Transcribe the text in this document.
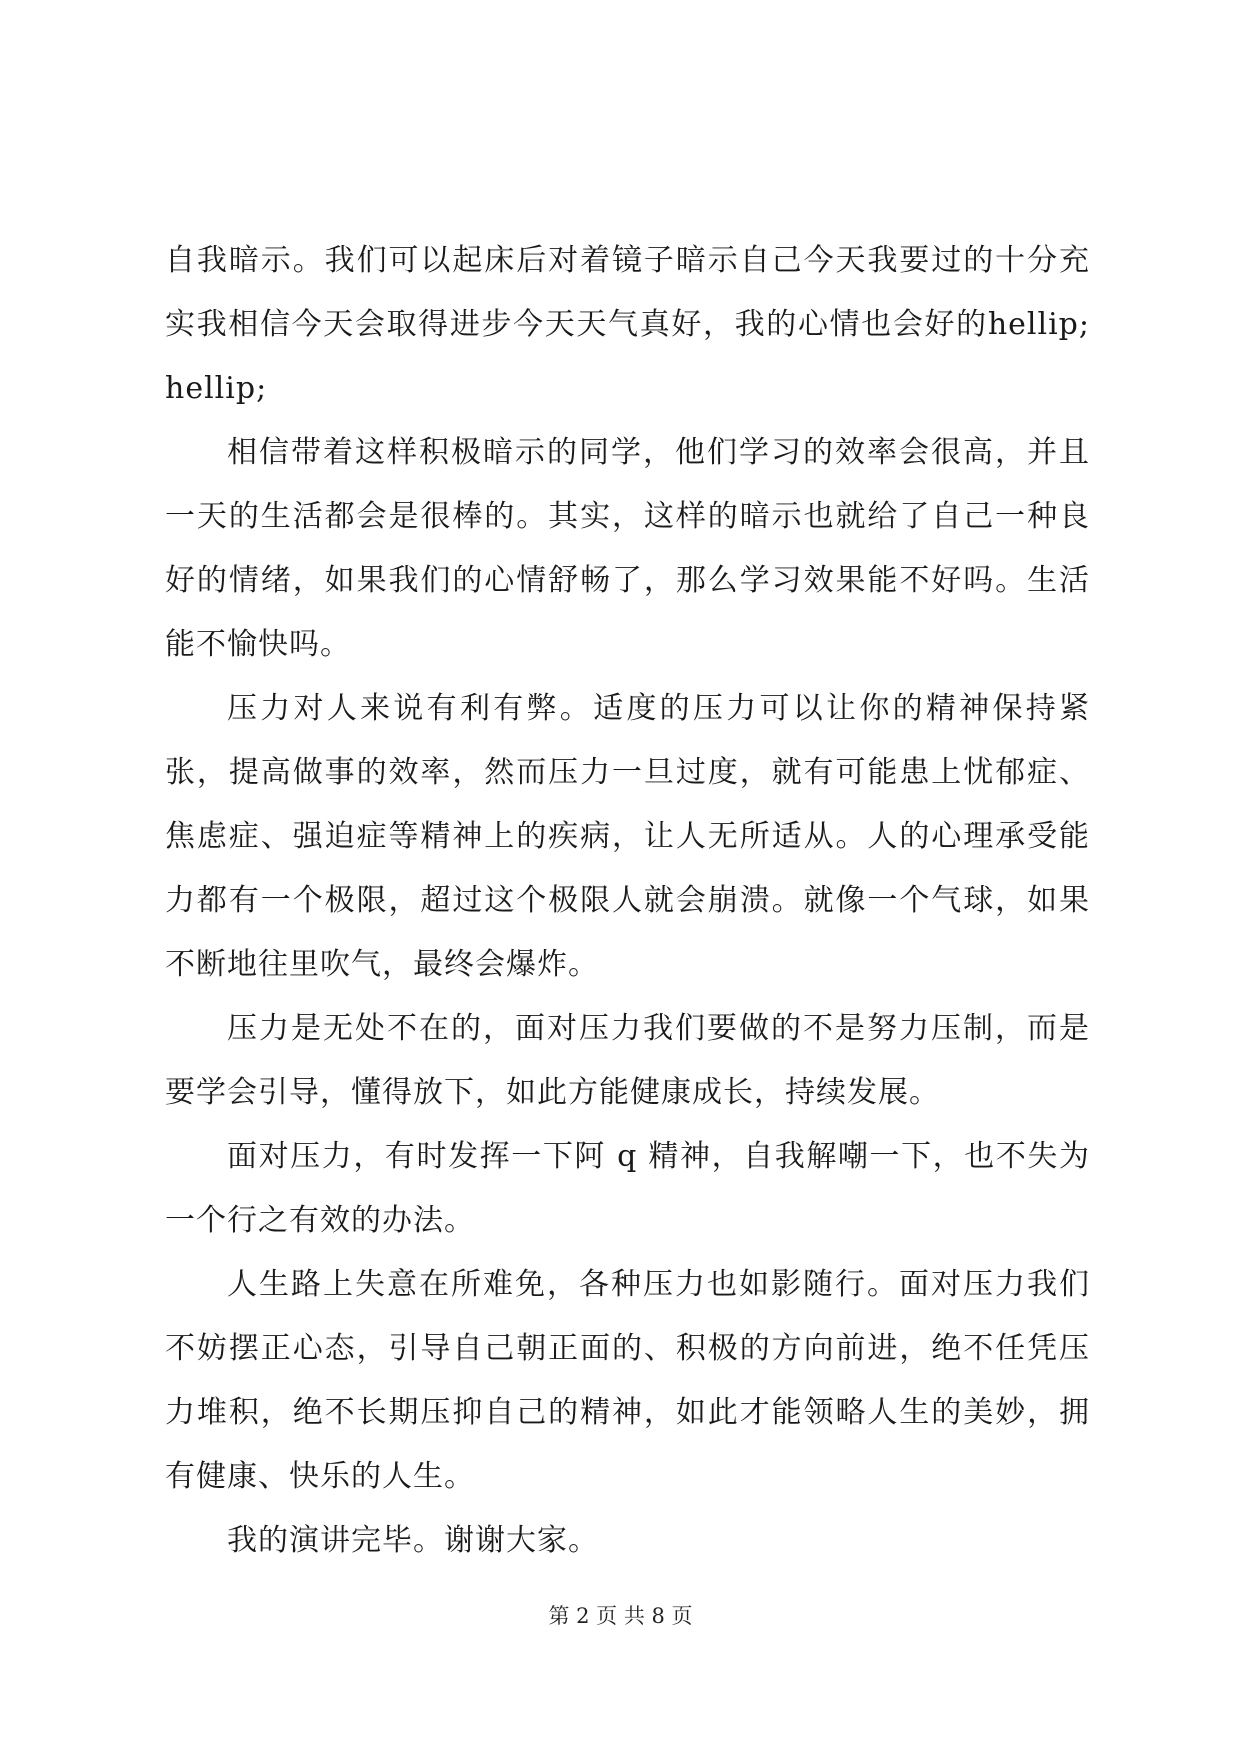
自我暗示。我们可以起床后对着镜子暗示自己今天我要过的十分充实我相信今天会取得进步今天天气真好，我的心情也会好的hellip;hellip;

相信带着这样积极暗示的同学，他们学习的效率会很高，并且一天的生活都会是很棒的。其实，这样的暗示也就给了自己一种良好的情绪，如果我们的心情舒畅了，那么学习效果能不好吗。生活能不愉快吗。

压力对人来说有利有弊。适度的压力可以让你的精神保持紧张，提高做事的效率，然而压力一旦过度，就有可能患上忧郁症、焦虑症、强迫症等精神上的疾病，让人无所适从。人的心理承受能力都有一个极限，超过这个极限人就会崩溃。就像一个气球，如果不断地往里吹气，最终会爆炸。

压力是无处不在的，面对压力我们要做的不是努力压制，而是要学会引导，懂得放下，如此方能健康成长，持续发展。

面对压力，有时发挥一下阿 q 精神，自我解嘲一下，也不失为一个行之有效的办法。

人生路上失意在所难免，各种压力也如影随行。面对压力我们不妨摆正心态，引导自己朝正面的、积极的方向前进，绝不任凭压力堆积，绝不长期压抑自己的精神，如此才能领略人生的美妙，拥有健康、快乐的人生。

我的演讲完毕。谢谢大家。

第 2 页 共 8 页
